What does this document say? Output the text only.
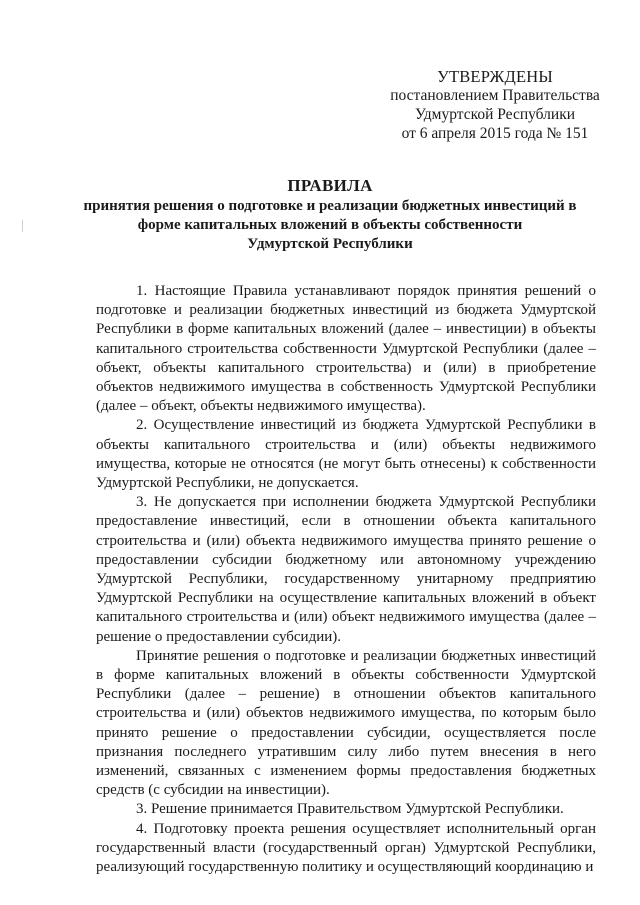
УТВЕРЖДЕНЫ
постановлением Правительства
Удмуртской Республики
от 6 апреля 2015 года № 151
ПРАВИЛА
принятия решения о подготовке и реализации бюджетных инвестиций в
форме капитальных вложений в объекты собственности
Удмуртской Республики

1. Настоящие Правила устанавливают порядок принятия решений о подготовке и реализации бюджетных инвестиций из бюджета Удмуртской Республики в форме капитальных вложений (далее – инвестиции) в объекты капитального строительства собственности Удмуртской Республики (далее – объект, объекты капитального строительства) и (или) в приобретение объектов недвижимого имущества в собственность Удмуртской Республики (далее – объект, объекты недвижимого имущества).

2. Осуществление инвестиций из бюджета Удмуртской Республики в объекты капитального строительства и (или) объекты недвижимого имущества, которые не относятся (не могут быть отнесены) к собственности Удмуртской Республики, не допускается.

3. Не допускается при исполнении бюджета Удмуртской Республики предоставление инвестиций, если в отношении объекта капитального строительства и (или) объекта недвижимого имущества принято решение о предоставлении субсидии бюджетному или автономному учреждению Удмуртской Республики, государственному унитарному предприятию Удмуртской Республики на осуществление капитальных вложений в объект капитального строительства и (или) объект недвижимого имущества (далее – решение о предоставлении субсидии).

Принятие решения о подготовке и реализации бюджетных инвестиций в форме капитальных вложений в объекты собственности Удмуртской Республики (далее – решение) в отношении объектов капитального строительства и (или) объектов недвижимого имущества, по которым было принято решение о предоставлении субсидии, осуществляется после признания последнего утратившим силу либо путем внесения в него изменений, связанных с изменением формы предоставления бюджетных средств (с субсидии на инвестиции).

3. Решение принимается Правительством Удмуртской Республики.

4. Подготовку проекта решения осуществляет исполнительный орган государственный власти (государственный орган) Удмуртской Республики, реализующий государственную политику и осуществляющий координацию и
